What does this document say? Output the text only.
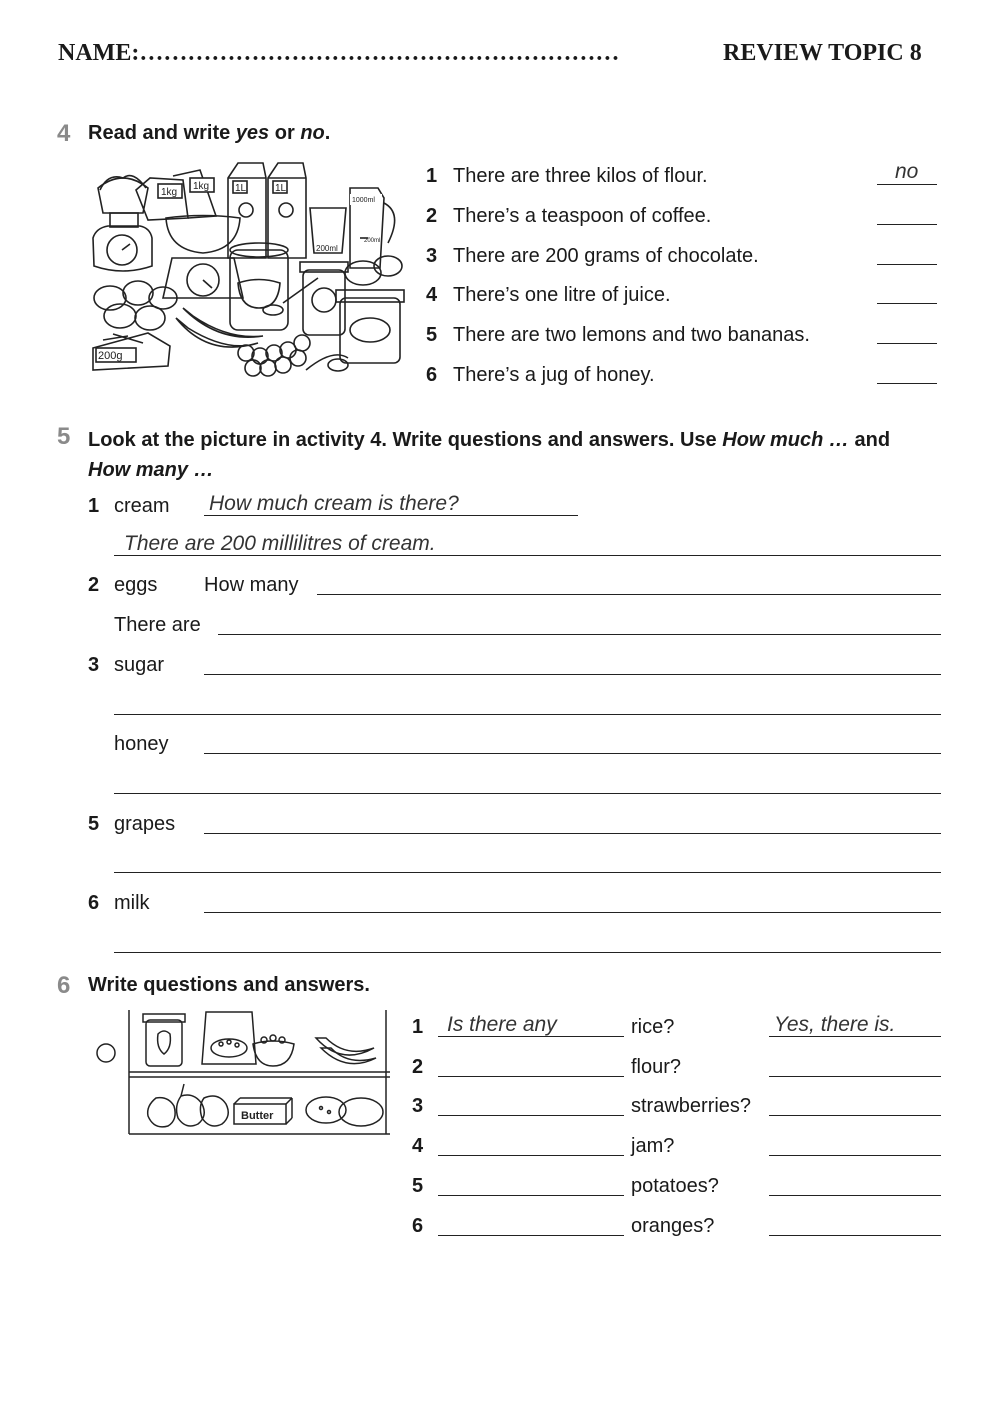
NAME:……………………………………………………	REVIEW TOPIC 8
4 Read and write yes or no.
1kg
1kg	1L	1L
1000ml
200ml
200ml
200g
1 There are three kilos of flour.	no
2 There’s a teaspoon of coffee.
3 There are 200 grams of chocolate.
4 There’s one litre of juice.
5 There are two lemons and two bananas.
6 There’s a jug of honey.
5 Look at the picture in activity 4. Write questions and answers. Use How much … and How many …
1 cream How much cream is there?
There are 200 millilitres of cream.
2 eggs How many
There are
3 sugar
honey
5 grapes
6 milk
6 Write questions and answers.
Butter
1 Is there any	rice?	Yes, there is.
2	flour?
3	strawberries?
4	jam?
5	potatoes?
6	oranges?
